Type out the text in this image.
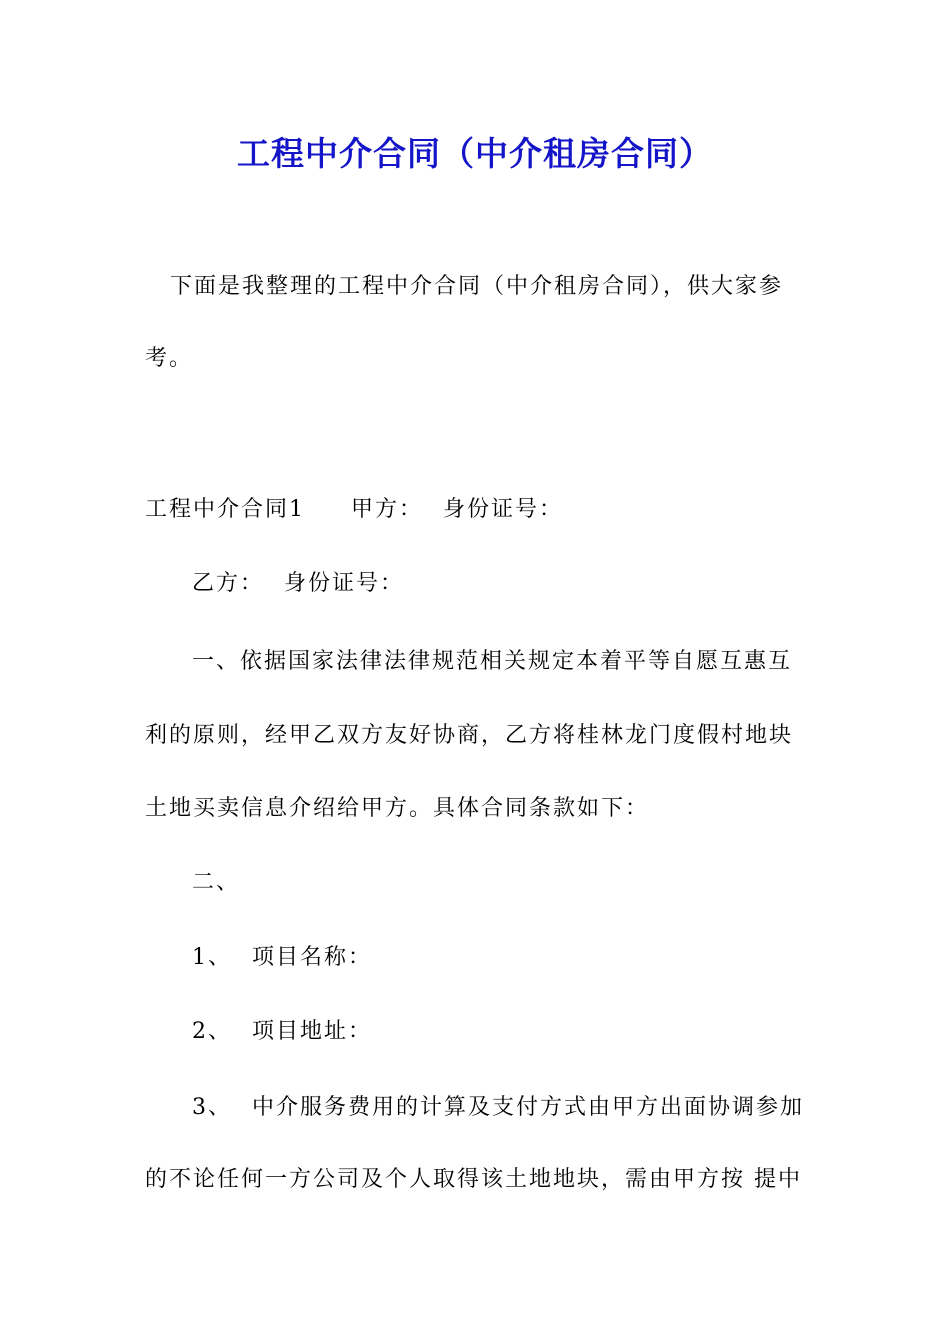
工程中介合同（中介租房合同）
下面是我整理的工程中介合同（中介租房合同），供大家参
考。
工程中介合同1 甲方： 身份证号：
乙方： 身份证号：
一、依据国家法律法律规范相关规定本着平等自愿互惠互
利的原则，经甲乙双方友好协商，乙方将桂林龙门度假村地块
土地买卖信息介绍给甲方。具体合同条款如下：
二、
1、 项目名称：
2、 项目地址：
3、 中介服务费用的计算及支付方式由甲方出面协调参加
的不论任何一方公司及个人取得该土地地块，需由甲方按 提中
